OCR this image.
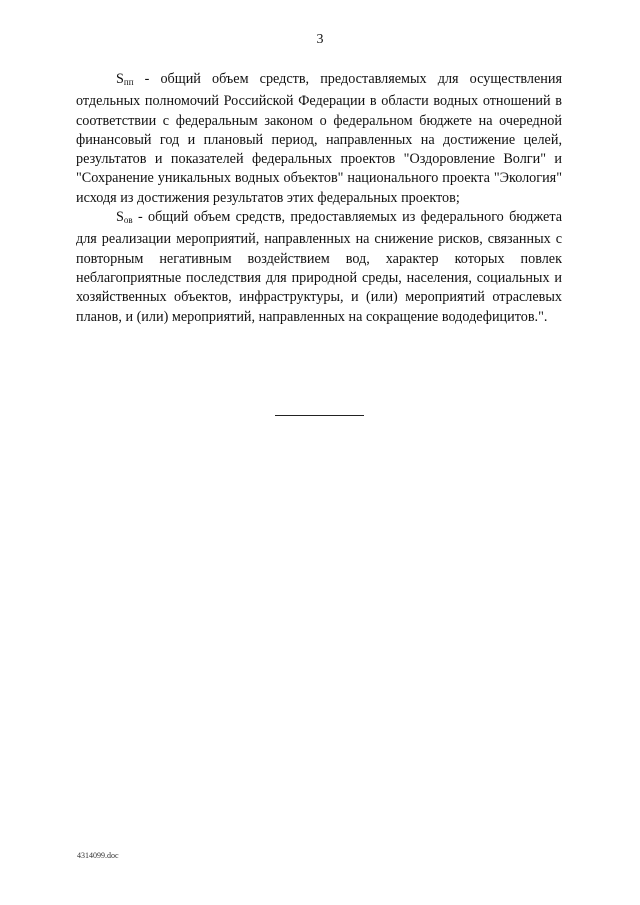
3

$S_{пп}$ - общий объем средств, предоставляемых для осуществления отдельных полномочий Российской Федерации в области водных отношений в соответствии с федеральным законом о федеральном бюджете на очередной финансовый год и плановый период, направленных на достижение целей, результатов и показателей федеральных проектов "Оздоровление Волги" и "Сохранение уникальных водных объектов" национального проекта "Экология" исходя из достижения результатов этих федеральных проектов;

$S_{ов}$ - общий объем средств, предоставляемых из федерального бюджета для реализации мероприятий, направленных на снижение рисков, связанных с повторным негативным воздействием вод, характер которых повлек неблагоприятные последствия для природной среды, населения, социальных и хозяйственных объектов, инфраструктуры, и (или) мероприятий отраслевых планов, и (или) мероприятий, направленных на сокращение вододефицитов.".

4314099.doc
